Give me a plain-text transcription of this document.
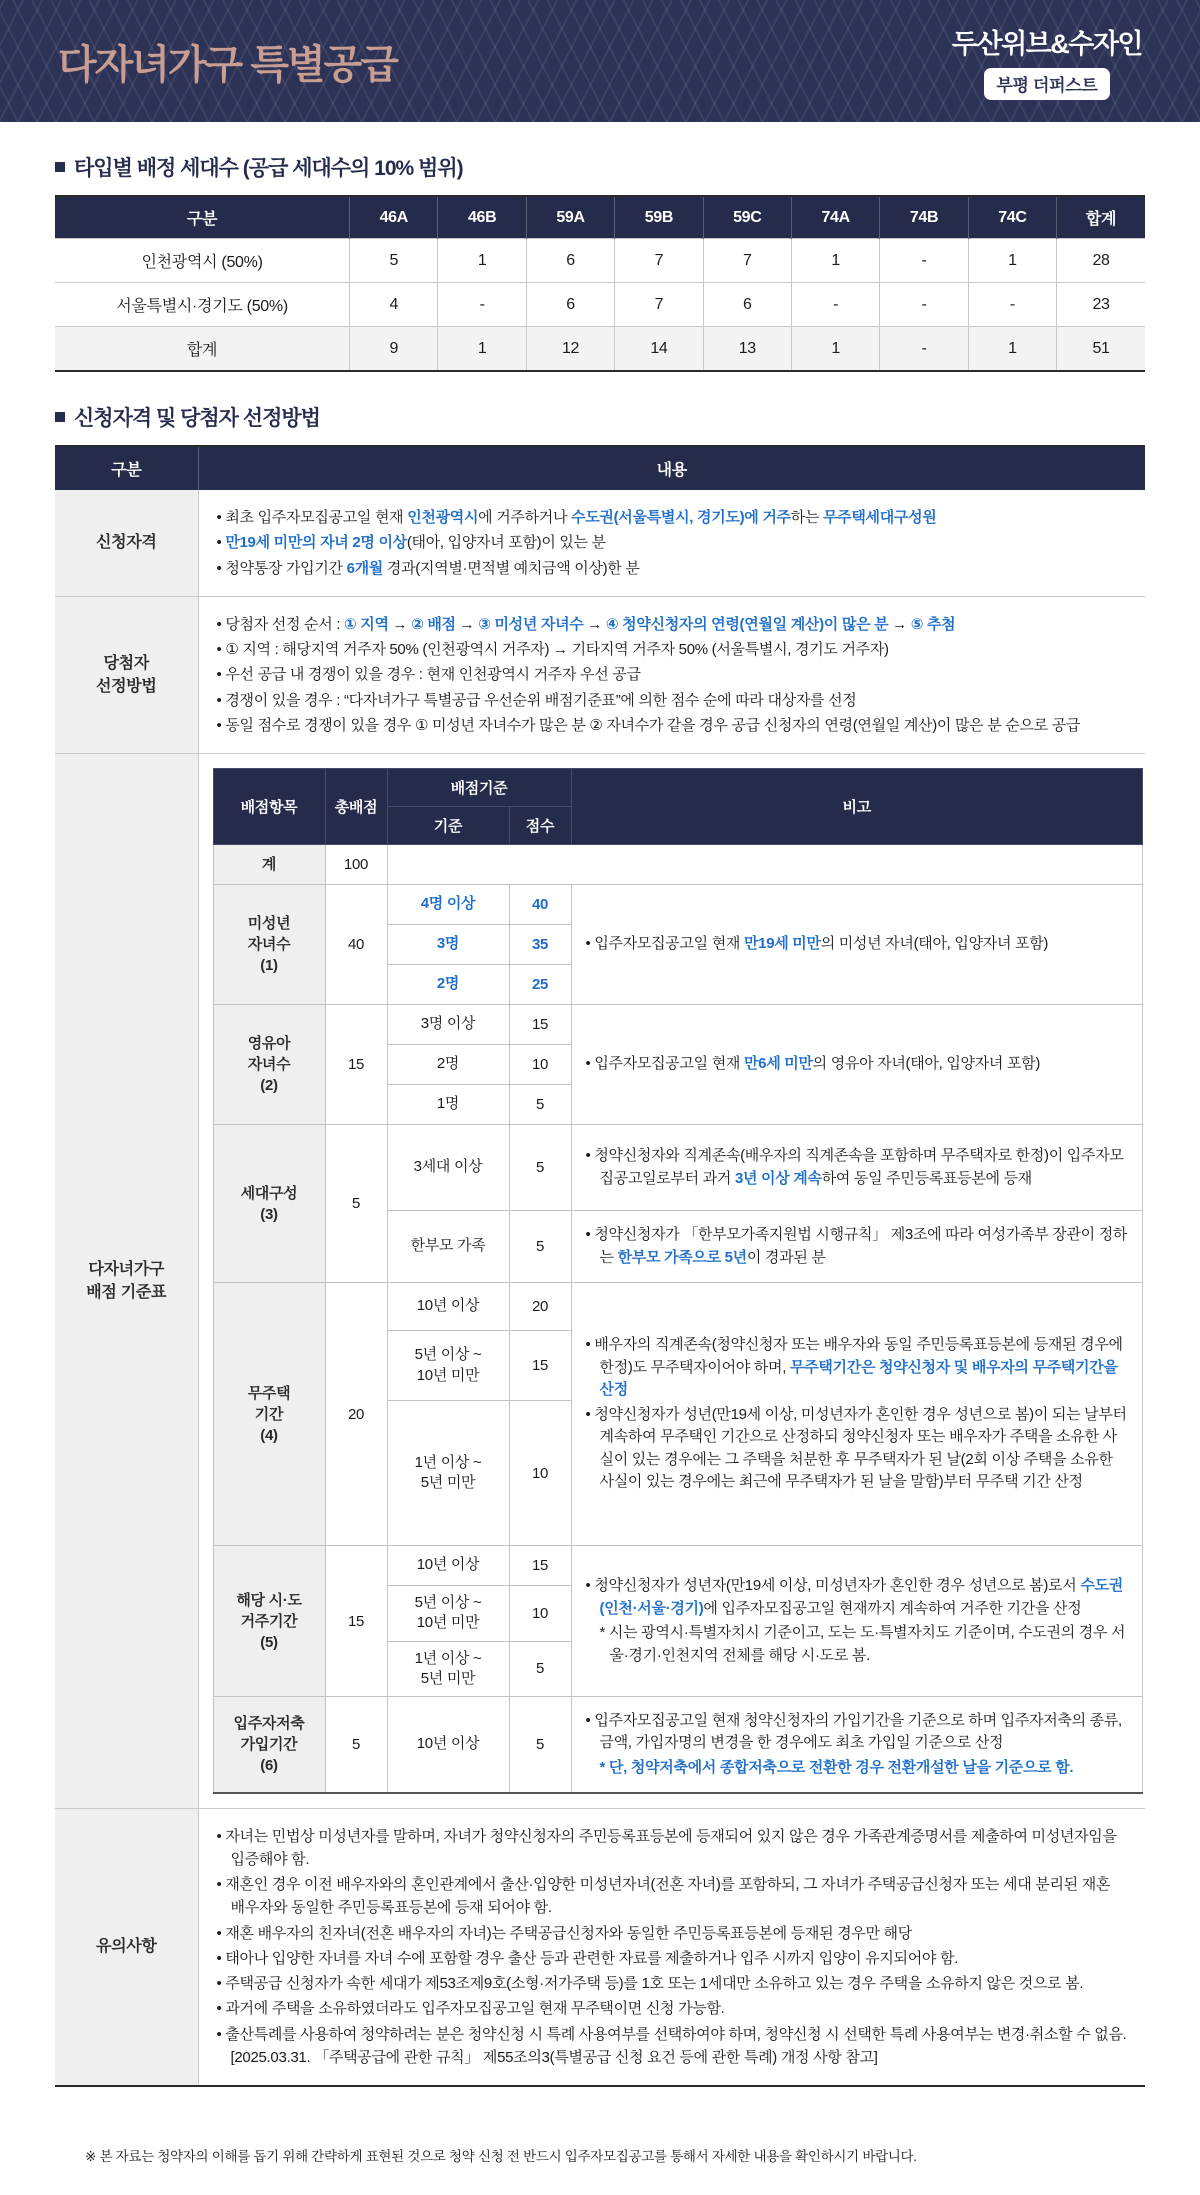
다자녀가구 특별공급	두산위브&수자인
부평 더퍼스트
타입별 배정 세대수 (공급 세대수의 10% 범위)
구분	46A	46B	59A	59B	59C	74A	74B	74C	합계
인천광역시 (50%)	5	1	6	7	7	1	-	1	28
서울특별시·경기도 (50%)	4	-	6	7	6	-	-	-	23
합계	9	1	12	14	13	1	-	1	51
신청자격 및 당첨자 선정방법
구분	내용
신청자격	
• 최초 입주자모집공고일 현재 인천광역시에 거주하거나 수도권(서울특별시, 경기도)에 거주하는 무주택세대구성원
• 만19세 미만의 자녀 2명 이상(태아, 입양자녀 포함)이 있는 분
• 청약통장 가입기간 6개월 경과(지역별·면적별 예치금액 이상)한 분

당첨자
선정방법	
• 당첨자 선정 순서 : ① 지역 → ② 배점 → ③ 미성년 자녀수 → ④ 청약신청자의 연령(연월일 계산)이 많은 분 → ⑤ 추첨
• ① 지역 : 해당지역 거주자 50% (인천광역시 거주자) → 기타지역 거주자 50% (서울특별시, 경기도 거주자)
• 우선 공급 내 경쟁이 있을 경우 : 현재 인천광역시 거주자 우선 공급
• 경쟁이 있을 경우 : “다자녀가구 특별공급 우선순위 배점기준표”에 의한 점수 순에 따라 대상자를 선정
• 동일 점수로 경쟁이 있을 경우 ① 미성년 자녀수가 많은 분 ② 자녀수가 같을 경우 공급 신청자의 연령(연월일 계산)이 많은 분 순으로 공급

다자녀가구
배점 기준표	
배점항목	총배점	배점기준	비고
기준	점수
계	100	
미성년
자녀수
(1)	40	4명 이상	40	
• 입주자모집공고일 현재 만19세 미만의 미성년 자녀(태아, 입양자녀 포함)

3명	35
2명	25
영유아
자녀수
(2)	15	3명 이상	15	
• 입주자모집공고일 현재 만6세 미만의 영유아 자녀(태아, 입양자녀 포함)

2명	10
1명	5
세대구성
(3)	5	3세대 이상	5	
• 청약신청자와 직계존속(배우자의 직계존속을 포함하며 무주택자로 한정)이 입주자모집공고일로부터 과거 3년 이상 계속하여 동일 주민등록표등본에 등재

한부모 가족	5	
• 청약신청자가 「한부모가족지원법 시행규칙」 제3조에 따라 여성가족부 장관이 정하는 한부모 가족으로 5년이 경과된 분

무주택
기간
(4)	20	10년 이상	20	
• 배우자의 직계존속(청약신청자 또는 배우자와 동일 주민등록표등본에 등재된 경우에 한정)도 무주택자이어야 하며, 무주택기간은 청약신청자 및 배우자의 무주택기간을 산정
• 청약신청자가 성년(만19세 이상, 미성년자가 혼인한 경우 성년으로 봄)이 되는 날부터 계속하여 무주택인 기간으로 산정하되 청약신청자 또는 배우자가 주택을 소유한 사실이 있는 경우에는 그 주택을 처분한 후 무주택자가 된 날(2회 이상 주택을 소유한 사실이 있는 경우에는 최근에 무주택자가 된 날을 말함)부터 무주택 기간 산정

5년 이상 ~
10년 미만	15
1년 이상 ~
5년 미만	10
해당 시·도
거주기간
(5)	15	10년 이상	15	
• 청약신청자가 성년자(만19세 이상, 미성년자가 혼인한 경우 성년으로 봄)로서 수도권(인천·서울·경기)에 입주자모집공고일 현재까지 계속하여 거주한 기간을 산정
* 시는 광역시·특별자치시 기준이고, 도는 도·특별자치도 기준이며, 수도권의 경우 서울·경기·인천지역 전체를 해당 시·도로 봄.

5년 이상 ~
10년 미만	10
1년 이상 ~
5년 미만	5
입주자저축
가입기간
(6)	5	10년 이상	5	
• 입주자모집공고일 현재 청약신청자의 가입기간을 기준으로 하며 입주자저축의 종류, 금액, 가입자명의 변경을 한 경우에도 최초 가입일 기준으로 산정
* 단, 청약저축에서 종합저축으로 전환한 경우 전환개설한 날을 기준으로 함.

유의사항	
• 자녀는 민법상 미성년자를 말하며, 자녀가 청약신청자의 주민등록표등본에 등재되어 있지 않은 경우 가족관계증명서를 제출하여 미성년자임을 입증해야 함.
• 재혼인 경우 이전 배우자와의 혼인관계에서 출산·입양한 미성년자녀(전혼 자녀)를 포함하되, 그 자녀가 주택공급신청자 또는 세대 분리된 재혼 배우자와 동일한 주민등록표등본에 등재 되어야 함.
• 재혼 배우자의 친자녀(전혼 배우자의 자녀)는 주택공급신청자와 동일한 주민등록표등본에 등재된 경우만 해당
• 태아나 입양한 자녀를 자녀 수에 포함할 경우 출산 등과 관련한 자료를 제출하거나 입주 시까지 입양이 유지되어야 함.
• 주택공급 신청자가 속한 세대가 제53조제9호(소형·저가주택 등)를 1호 또는 1세대만 소유하고 있는 경우 주택을 소유하지 않은 것으로 봄.
• 과거에 주택을 소유하였더라도 입주자모집공고일 현재 무주택이면 신청 가능함.
• 출산특례를 사용하여 청약하려는 분은 청약신청 시 특례 사용여부를 선택하여야 하며, 청약신청 시 선택한 특례 사용여부는 변경·취소할 수 없음. [2025.03.31. 「주택공급에 관한 규칙」 제55조의3(특별공급 신청 요건 등에 관한 특례) 개정 사항 참고]
※ 본 자료는 청약자의 이해를 돕기 위해 간략하게 표현된 것으로 청약 신청 전 반드시 입주자모집공고를 통해서 자세한 내용을 확인하시기 바랍니다.
